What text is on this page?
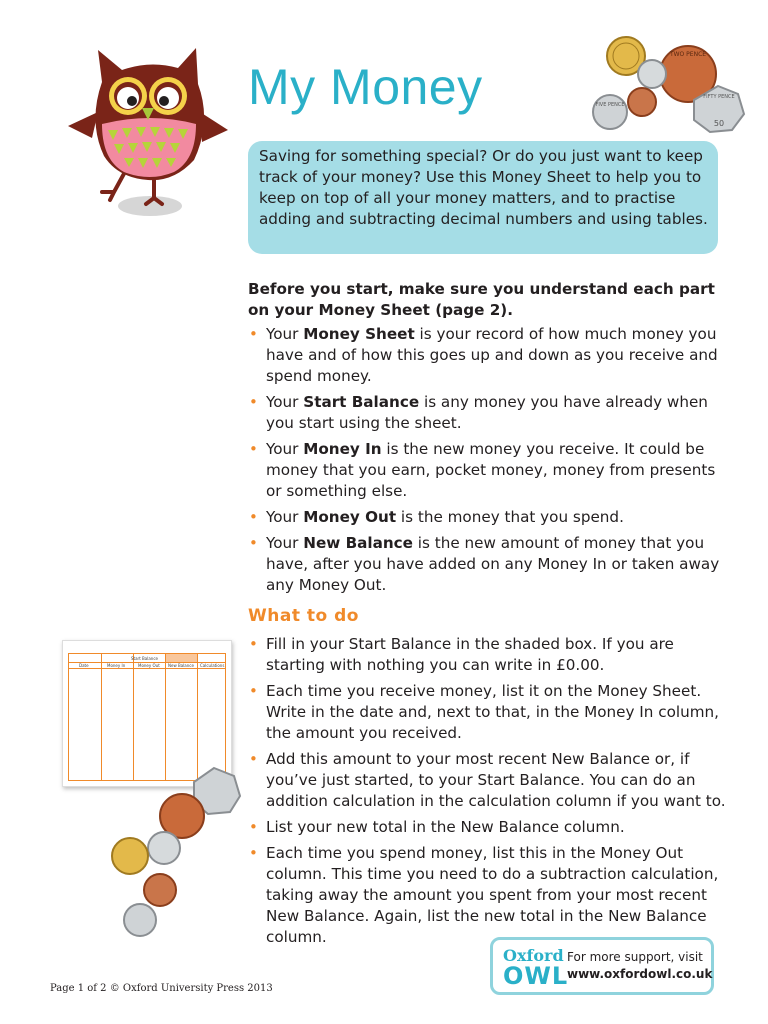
TWO PENCE
FIFTY PENCE
50
FIVE PENCE
My Money
Saving for something special? Or do you just want to keep track of your money? Use this Money Sheet to help you to keep on top of all your money matters, and to practise adding and subtracting decimal numbers and using tables.
Before you start, make sure you understand each part on your Money Sheet (page 2).
• Your Money Sheet is your record of how much money you have and of how this goes up and down as you receive and spend money.
• Your Start Balance is any money you have already when you start using the sheet.
• Your Money In is the new money you receive. It could be money that you earn, pocket money, money from presents or something else.
• Your Money Out is the money that you spend.
• Your New Balance is the new amount of money that you have, after you have added on any Money In or taken away any Money Out.
What to do
• Fill in your Start Balance in the shaded box. If you are starting with nothing you can write in £0.00.
• Each time you receive money, list it on the Money Sheet. Write in the date and, next to that, in the Money In column, the amount you received.
• Add this amount to your most recent New Balance or, if you’ve just started, to your Start Balance. You can do an addition calculation in the calculation column if you want to.
• List your new total in the New Balance column.
• Each time you spend money, list this in the Money Out column. This time you need to do a subtraction calculation, taking away the amount you spent from your most recent New Balance. Again, list the new total in the New Balance column.
Start Balance
Date	Money In	Money Out New Balance Calculations
Page 1 of 2 © Oxford University Press 2013
Oxford
OWL
For more support, visit
www.oxfordowl.co.uk
